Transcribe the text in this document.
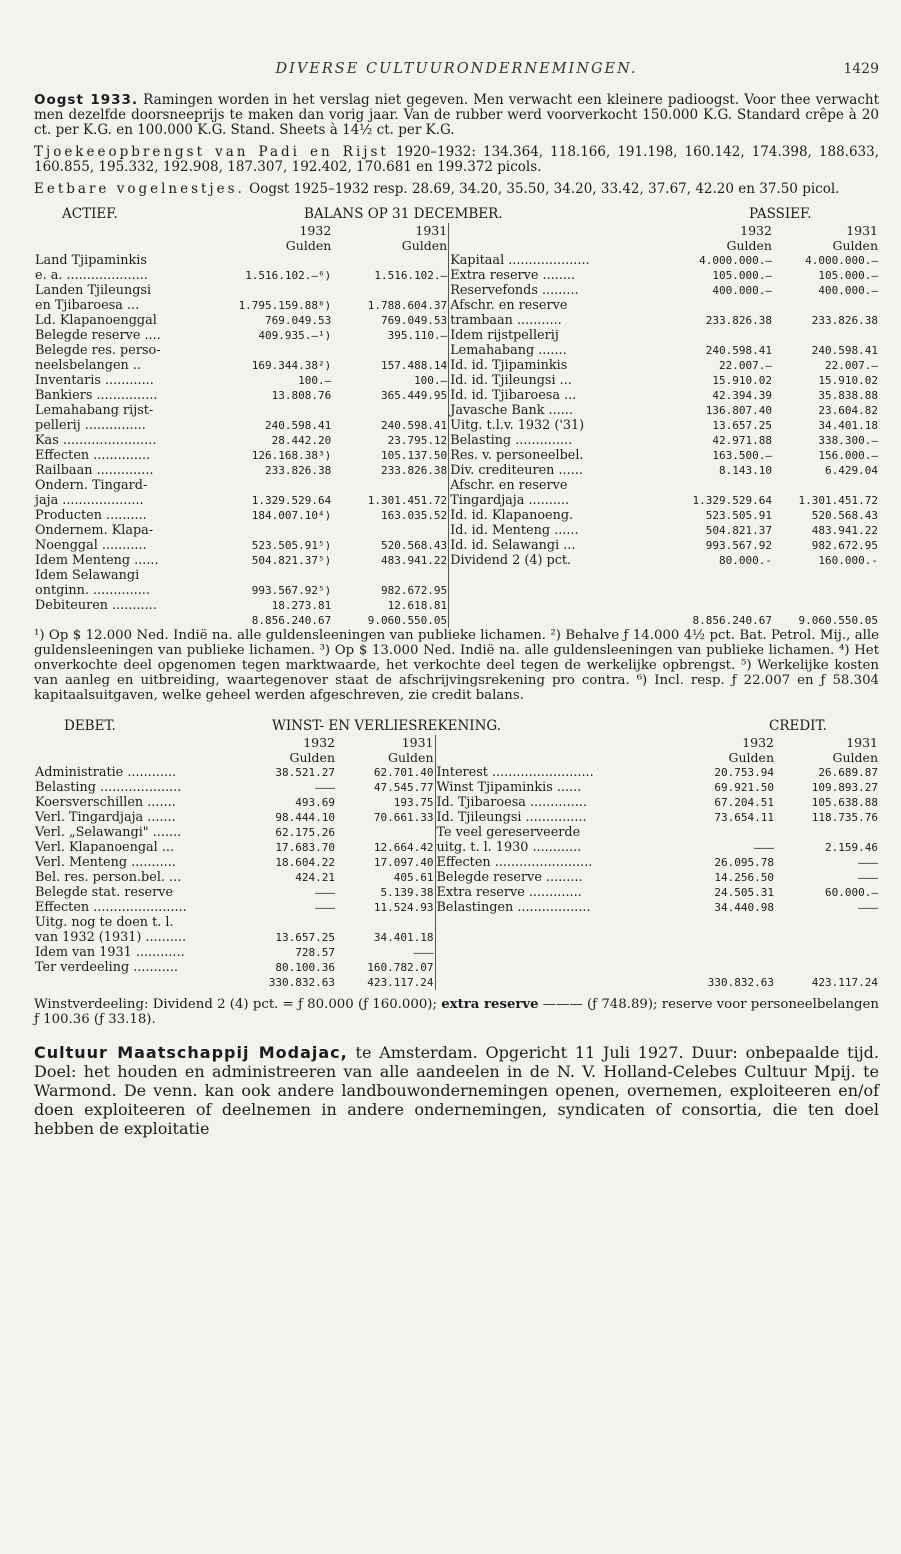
DIVERSE CULTUURONDERNEMINGEN.	1429

Oogst 1933. Ramingen worden in het verslag niet gegeven. Men verwacht een kleinere padioogst. Voor thee verwacht men dezelfde doorsneeprijs te maken dan vorig jaar. Van de rubber werd voorverkocht 150.000 K.G. Standard crêpe à 20 ct. per K.G. en 100.000 K.G. Stand. Sheets à 14½ ct. per K.G.

Tjoekeeopbrengst van Padi en Rijst 1920–1932: 134.364, 118.166, 191.198, 160.142, 174.398, 188.633, 160.855, 195.332, 192.908, 187.307, 192.402, 170.681 en 199.372 picols.

Eetbare vogelnestjes. Oogst 1925–1932 resp. 28.69, 34.20, 35.50, 34.20, 33.42, 37.67, 42.20 en 37.50 picol.

ACTIEF.	BALANS OP 31 DECEMBER.	PASSIEF.
	1932	1931		1932	1931
	Gulden	Gulden		Gulden	Gulden
Land Tjipaminkis			Kapitaal ....................	4.000.000.—	4.000.000.—
e. a. ....................	1.516.102.—⁶)	1.516.102.—	Extra reserve ........	105.000.—	105.000.—
Landen Tjileungsi			Reservefonds .........	400.000.—	400.000.—
en Tjibaroesa ...	1.795.159.88⁶)	1.788.604.37	Afschr. en reserve		
Ld. Klapanoenggal	769.049.53	769.049.53	trambaan ...........	233.826.38	233.826.38
Belegde reserve ....	409.935.—¹)	395.110.—	Idem rijstpellerij		
Belegde res. perso-			Lemahabang .......	240.598.41	240.598.41
neelsbelangen ..	169.344.38²)	157.488.14	Id. id. Tjipaminkis	22.007.—	22.007.—
Inventaris ............	100.—	100.—	Id. id. Tjileungsi ...	15.910.02	15.910.02
Bankiers ...............	13.808.76	365.449.95	Id. id. Tjibaroesa ...	42.394.39	35.838.88
Lemahabang rijst-			Javasche Bank ......	136.807.40	23.604.82
pellerij ...............	240.598.41	240.598.41	Uitg. t.l.v. 1932 ('31)	13.657.25	34.401.18
Kas .......................	28.442.20	23.795.12	Belasting ..............	42.971.88	338.300.—
Effecten ..............	126.168.38³)	105.137.50	Res. v. personeelbel.	163.500.—	156.000.—
Railbaan ..............	233.826.38	233.826.38	Div. crediteuren ......	8.143.10	6.429.04
Ondern. Tingard-			Afschr. en reserve		
jaja ....................	1.329.529.64	1.301.451.72	Tingardjaja ..........	1.329.529.64	1.301.451.72
Producten ..........	184.007.10⁴)	163.035.52	Id. id. Klapanoeng.	523.505.91	520.568.43
Ondernem. Klapa-			Id. id. Menteng ......	504.821.37	483.941.22
Noenggal ...........	523.505.91⁵)	520.568.43	Id. id. Selawangi ...	993.567.92	982.672.95
Idem Menteng ......	504.821.37⁵)	483.941.22	Dividend 2 (4) pct.	80.000.-	160.000.-
Idem Selawangi					
ontginn. ..............	993.567.92⁵)	982.672.95			
Debiteuren ...........	18.273.81	12.618.81			
	8.856.240.67	9.060.550.05		8.856.240.67	9.060.550.05

¹) Op $ 12.000 Ned. Indië na. alle guldensleeningen van publieke lichamen. ²) Behalve ƒ 14.000 4½ pct. Bat. Petrol. Mij., alle guldensleeningen van publieke lichamen. ³) Op $ 13.000 Ned. Indië na. alle guldensleeningen van publieke lichamen. ⁴) Het onverkochte deel opgenomen tegen marktwaarde, het verkochte deel tegen de werkelijke opbrengst. ⁵) Werkelijke kosten van aanleg en uitbreiding, waartegenover staat de afschrijvingsrekening pro contra. ⁶) Incl. resp. ƒ 22.007 en ƒ 58.304 kapitaalsuitgaven, welke geheel werden afgeschreven, zie credit balans.

DEBET.	WINST- EN VERLIESREKENING.	CREDIT.
	1932	1931		1932	1931
	Gulden	Gulden		Gulden	Gulden
Administratie ............	38.521.27	62.701.40	Interest .........................	20.753.94	26.689.87
Belasting ....................	———	47.545.77	Winst Tjipaminkis ......	69.921.50	109.893.27
Koersverschillen .......	493.69	193.75	Id. Tjibaroesa ..............	67.204.51	105.638.88
Verl. Tingardjaja .......	98.444.10	70.661.33	Id. Tjileungsi ...............	73.654.11	118.735.76
Verl. „Selawangi" .......	62.175.26		Te veel gereserveerde		
Verl. Klapanoengal ...	17.683.70	12.664.42	uitg. t. l. 1930 ............	———	2.159.46
Verl. Menteng ...........	18.604.22	17.097.40	Effecten ........................	26.095.78	———
Bel. res. person.bel. ...	424.21	405.61	Belegde reserve .........	14.256.50	———
Belegde stat. reserve	———	5.139.38	Extra reserve .............	24.505.31	60.000.—
Effecten .......................	———	11.524.93	Belastingen ..................	34.440.98	———
Uitg. nog te doen t. l.					
van 1932 (1931) ..........	13.657.25	34.401.18			
Idem van 1931 ............	728.57	———			
Ter verdeeling ...........	80.100.36	160.782.07			
	330.832.63	423.117.24		330.832.63	423.117.24

Winstverdeeling: Dividend 2 (4) pct. = ƒ 80.000 (ƒ 160.000); extra reserve ——— (ƒ 748.89); reserve voor personeelbelangen ƒ 100.36 (ƒ 33.18).

Cultuur Maatschappij Modajac, te Amsterdam. Opgericht 11 Juli 1927. Duur: onbepaalde tijd. Doel: het houden en administreeren van alle aandeelen in de N. V. Holland-Celebes Cultuur Mpij. te Warmond. De venn. kan ook andere landbouwondernemingen openen, overnemen, exploiteeren en/of doen exploiteeren of deelnemen in andere ondernemingen, syndicaten of consortia, die ten doel hebben de exploitatie
